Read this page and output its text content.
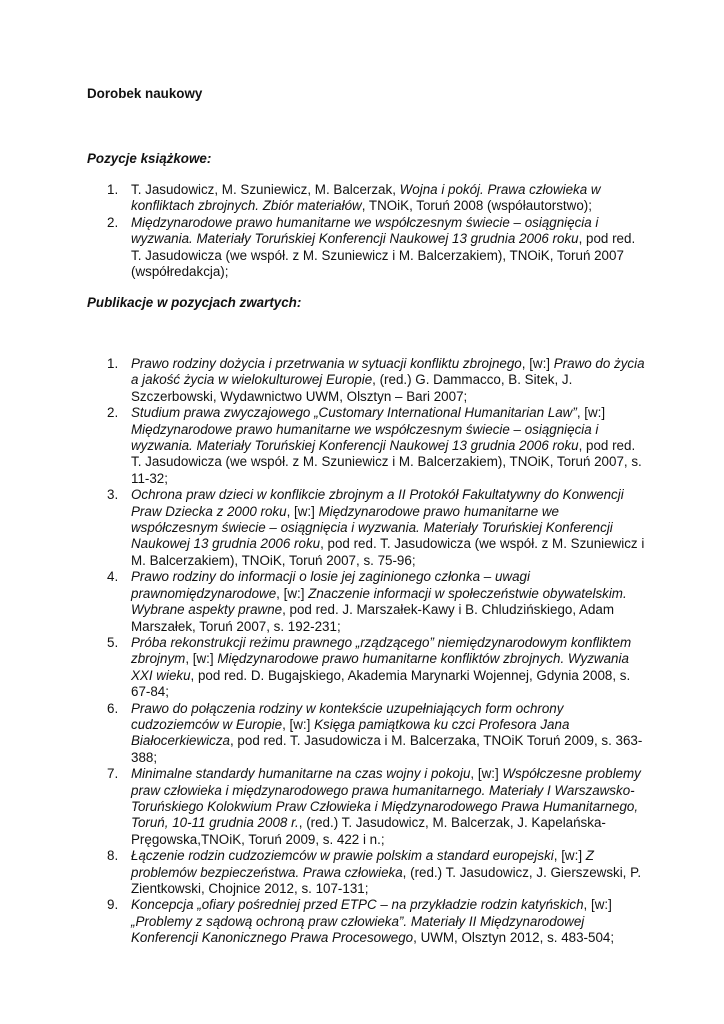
Dorobek naukowy
Pozycje książkowe:
1. T. Jasudowicz, M. Szuniewicz, M. Balcerzak, Wojna i pokój. Prawa człowieka w konfliktach zbrojnych. Zbiór materiałów, TNOiK, Toruń 2008 (współautorstwo);
2. Międzynarodowe prawo humanitarne we współczesnym świecie – osiągnięcia i wyzwania. Materiały Toruńskiej Konferencji Naukowej 13 grudnia 2006 roku, pod red. T. Jasudowicza (we współ. z M. Szuniewicz i M. Balcerzakiem), TNOiK, Toruń 2007 (współredakcja);
Publikacje w pozycjach zwartych:
1. Prawo rodziny dożycia i przetrwania w sytuacji konfliktu zbrojnego, [w:] Prawo do życia a jakość życia w wielokulturowej Europie, (red.) G. Dammacco, B. Sitek, J. Szczerbowski, Wydawnictwo UWM, Olsztyn – Bari 2007;
2. Studium prawa zwyczajowego „Customary International Humanitarian Law”, [w:] Międzynarodowe prawo humanitarne we współczesnym świecie – osiągnięcia i wyzwania. Materiały Toruńskiej Konferencji Naukowej 13 grudnia 2006 roku, pod red. T. Jasudowicza (we współ. z M. Szuniewicz i M. Balcerzakiem), TNOiK, Toruń 2007, s. 11-32;
3. Ochrona praw dzieci w konflikcie zbrojnym a II Protokół Fakultatywny do Konwencji Praw Dziecka z 2000 roku, [w:] Międzynarodowe prawo humanitarne we współczesnym świecie – osiągnięcia i wyzwania. Materiały Toruńskiej Konferencji Naukowej 13 grudnia 2006 roku, pod red. T. Jasudowicza (we współ. z M. Szuniewicz i M. Balcerzakiem), TNOiK, Toruń 2007, s. 75-96;
4. Prawo rodziny do informacji o losie jej zaginionego członka – uwagi prawnomiędzynarodowe, [w:] Znaczenie informacji w społeczeństwie obywatelskim. Wybrane aspekty prawne, pod red. J. Marszałek-Kawy i B. Chludzińskiego, Adam Marszałek, Toruń 2007, s. 192-231;
5. Próba rekonstrukcji reżimu prawnego „rządzącego” niemiędzynarodowym konfliktem zbrojnym, [w:] Międzynarodowe prawo humanitarne konfliktów zbrojnych. Wyzwania XXI wieku, pod red. D. Bugajskiego, Akademia Marynarki Wojennej, Gdynia 2008, s. 67-84;
6. Prawo do połączenia rodziny w kontekście uzupełniających form ochrony cudzoziemców w Europie, [w:] Księga pamiątkowa ku czci Profesora Jana Białocerkiewicza, pod red. T. Jasudowicza i M. Balcerzaka, TNOiK Toruń 2009, s. 363-388;
7. Minimalne standardy humanitarne na czas wojny i pokoju, [w:] Współczesne problemy praw człowieka i międzynarodowego prawa humanitarnego. Materiały I Warszawsko-Toruńskiego Kolokwium Praw Człowieka i Międzynarodowego Prawa Humanitarnego, Toruń, 10-11 grudnia 2008 r., (red.) T. Jasudowicz, M. Balcerzak, J. Kapelańska-Pręgowska,TNOiK, Toruń 2009, s. 422 i n.;
8. Łączenie rodzin cudzoziemców w prawie polskim a standard europejski, [w:] Z problemów bezpieczeństwa. Prawa człowieka, (red.) T. Jasudowicz, J. Gierszewski, P. Zientkowski, Chojnice 2012, s. 107-131;
9. Koncepcja „ofiary pośredniej przed ETPC – na przykładzie rodzin katyńskich, [w:] „Problemy z sądową ochroną praw człowieka”. Materiały II Międzynarodowej Konferencji Kanonicznego Prawa Procesowego, UWM, Olsztyn 2012, s. 483-504;
